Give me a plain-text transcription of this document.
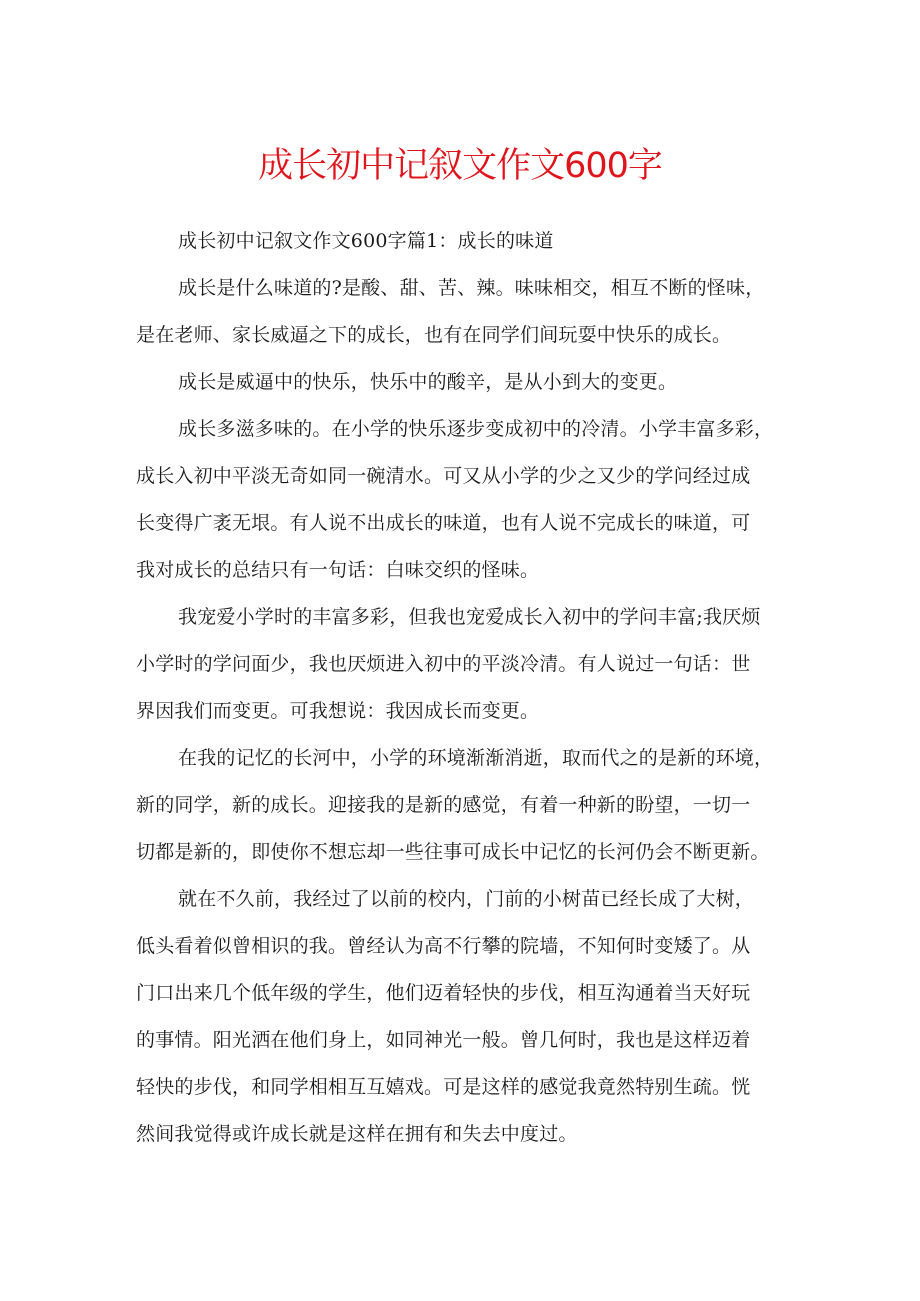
成长初中记叙文作文600字

成长初中记叙文作文600字篇1：成长的味道

成长是什么味道的?是酸、甜、苦、辣。味味相交，相互不断的怪味，
是在老师、家长威逼之下的成长，也有在同学们间玩耍中快乐的成长。

成长是威逼中的快乐，快乐中的酸辛，是从小到大的变更。

成长多滋多味的。在小学的快乐逐步变成初中的冷清。小学丰富多彩，
成长入初中平淡无奇如同一碗清水。可又从小学的少之又少的学问经过成
长变得广袤无垠。有人说不出成长的味道，也有人说不完成长的味道，可
我对成长的总结只有一句话：白味交织的怪味。

我宠爱小学时的丰富多彩，但我也宠爱成长入初中的学问丰富;我厌烦
小学时的学问面少，我也厌烦进入初中的平淡冷清。有人说过一句话：世
界因我们而变更。可我想说：我因成长而变更。

在我的记忆的长河中，小学的环境渐渐消逝，取而代之的是新的环境，
新的同学，新的成长。迎接我的是新的感觉，有着一种新的盼望，一切一
切都是新的，即使你不想忘却一些往事可成长中记忆的长河仍会不断更新。

就在不久前，我经过了以前的校内，门前的小树苗已经长成了大树，
低头看着似曾相识的我。曾经认为高不行攀的院墙，不知何时变矮了。从
门口出来几个低年级的学生，他们迈着轻快的步伐，相互沟通着当天好玩
的事情。阳光洒在他们身上，如同神光一般。曾几何时，我也是这样迈着
轻快的步伐，和同学相相互互嬉戏。可是这样的感觉我竟然特别生疏。恍
然间我觉得或许成长就是这样在拥有和失去中度过。
